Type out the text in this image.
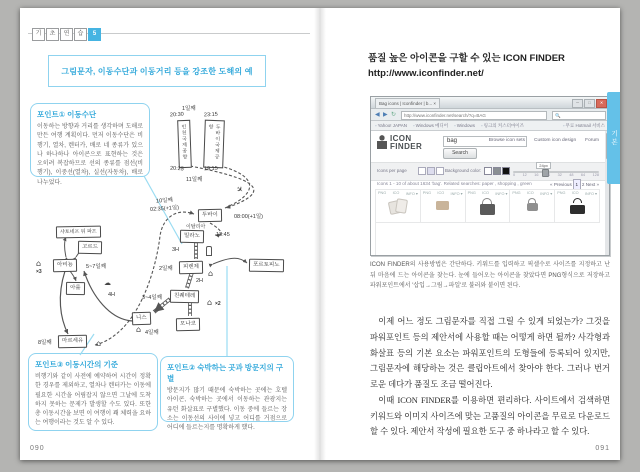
기	초	연	습	5
그림문자, 이동수단과 이동거리 등을 강조한 도해의 예
포인트① 이동수단

이동하는 방향과 거리를 생각하며 도해로 만든 여행 계획이다. 먼저 이동수단은 비행기, 열차, 렌터카, 배로 네 종류가 있으나 하나하나 아이콘으로 표현하는 것은 오히려 복잡하므로 선의 종류를 점선(비행기), 이중선(열차), 실선(자동차), 배로 나누었다.

1일째
20:30	23:15
인천국제공항	두바이국제공항
20:25	19:15
11일째
✈
두바이	08:00(+1일)
10일째
02:35(+1일)
이탈리아
밀라노	13:45
3H
2일째	피렌체
⌂
포르토피노
2H
3~4일째	친퀘테레
⌂ ×2
모나코
니스
⌂ 4일째
샤토네프 뒤 파프
고르드
⌂
×3
아비뇽	5~7일째
아를
☁
4H
8일째	마르세유	⌂
포인트③ 이동시간의 기준

비행기와 같이 사전에 예약하여 시간이 정확한 경우를 제외하고, 열차나 렌터카는 이동에 필요한 시간을 어림잡지 않으면 그날에 도착하지 못하는 문제가 발생할 수도 있다. 또한 총 이동시간을 보면 이 여행이 꽤 체력을 요하는 여행이라는 것도 알 수 있다.

포인트② 숙박하는 곳과 방문지의 구별

방문지가 많기 때문에 숙박하는 곳에는 호텔 아이콘, 숙박하는 곳에서 이동하는 관광지는 유턴 화살표로 구별했다. 이동 중에 들르는 장소는 이동선의 사이에 넣고 어디를 거점으로 어디에 들르는지를 명확하게 했다.

090
품질 높은 아이콘을 구할 수 있는 ICON FINDER
http://www.iconfinder.net/
Bag icons | Iconfinder | b... ×	─	□	✕
◀ ▶ ↻	http://www.iconfinder.net/search/?q=BAG	🔍
▫ Yahoo! JAPAN	▫ Windows 메디어	▫ Windows	▫ 링크의 커스터마이즈	▫ 무료 Hotmail 서비스
ICON
FINDER
bag
Search
Browse icon sets Custom icon design Forum
Icons per page	Background color:
24px
0 12 16 24 32 48 64 128
Icons 1 - 10 of about 1634 'bag'. Related searches: paper , shopping , green	« Previous 1 2 Next »
PNG ICO INFO ▾ PNG ICO INFO ▾ PNG ICO INFO ▾ PNG ICO INFO ▾ PNG ICO INFO ▾
ICON FINDER의 사용방법은 간단하다. 키워드를 입력하고 픽셀수로 사이즈를 지정하고 난 뒤 마음에 드는 아이콘을 찾는다. 눈에 들어오는 아이콘을 찾았다면 PNG형식으로 저장하고 파워포인트에서 '삽입→그림→파일'로 불러와 붙이면 된다.

이제 어느 정도 그림문자를 직접 그릴 수 있게 되었는가? 그것을 파워포인트 등의 제안서에 사용할 때는 어떻게 하면 될까? 사각형과 화살표 등의 기본 요소는 파워포인트의 도형들에 등록되어 있지만, 그림문자에 해당하는 것은 클립아트에서 찾아야 한다. 그러나 번거로운 데다가 품질도 조금 떨어진다.

이때 ICON FINDER를 이용하면 편리하다. 사이트에서 검색하면 키워드와 이미지 사이즈에 맞는 고품질의 아이콘을 무료로 다운로드할 수 있다. 제안서 작성에 필요한 도구 중 하나라고 할 수 있다.

기본
091
